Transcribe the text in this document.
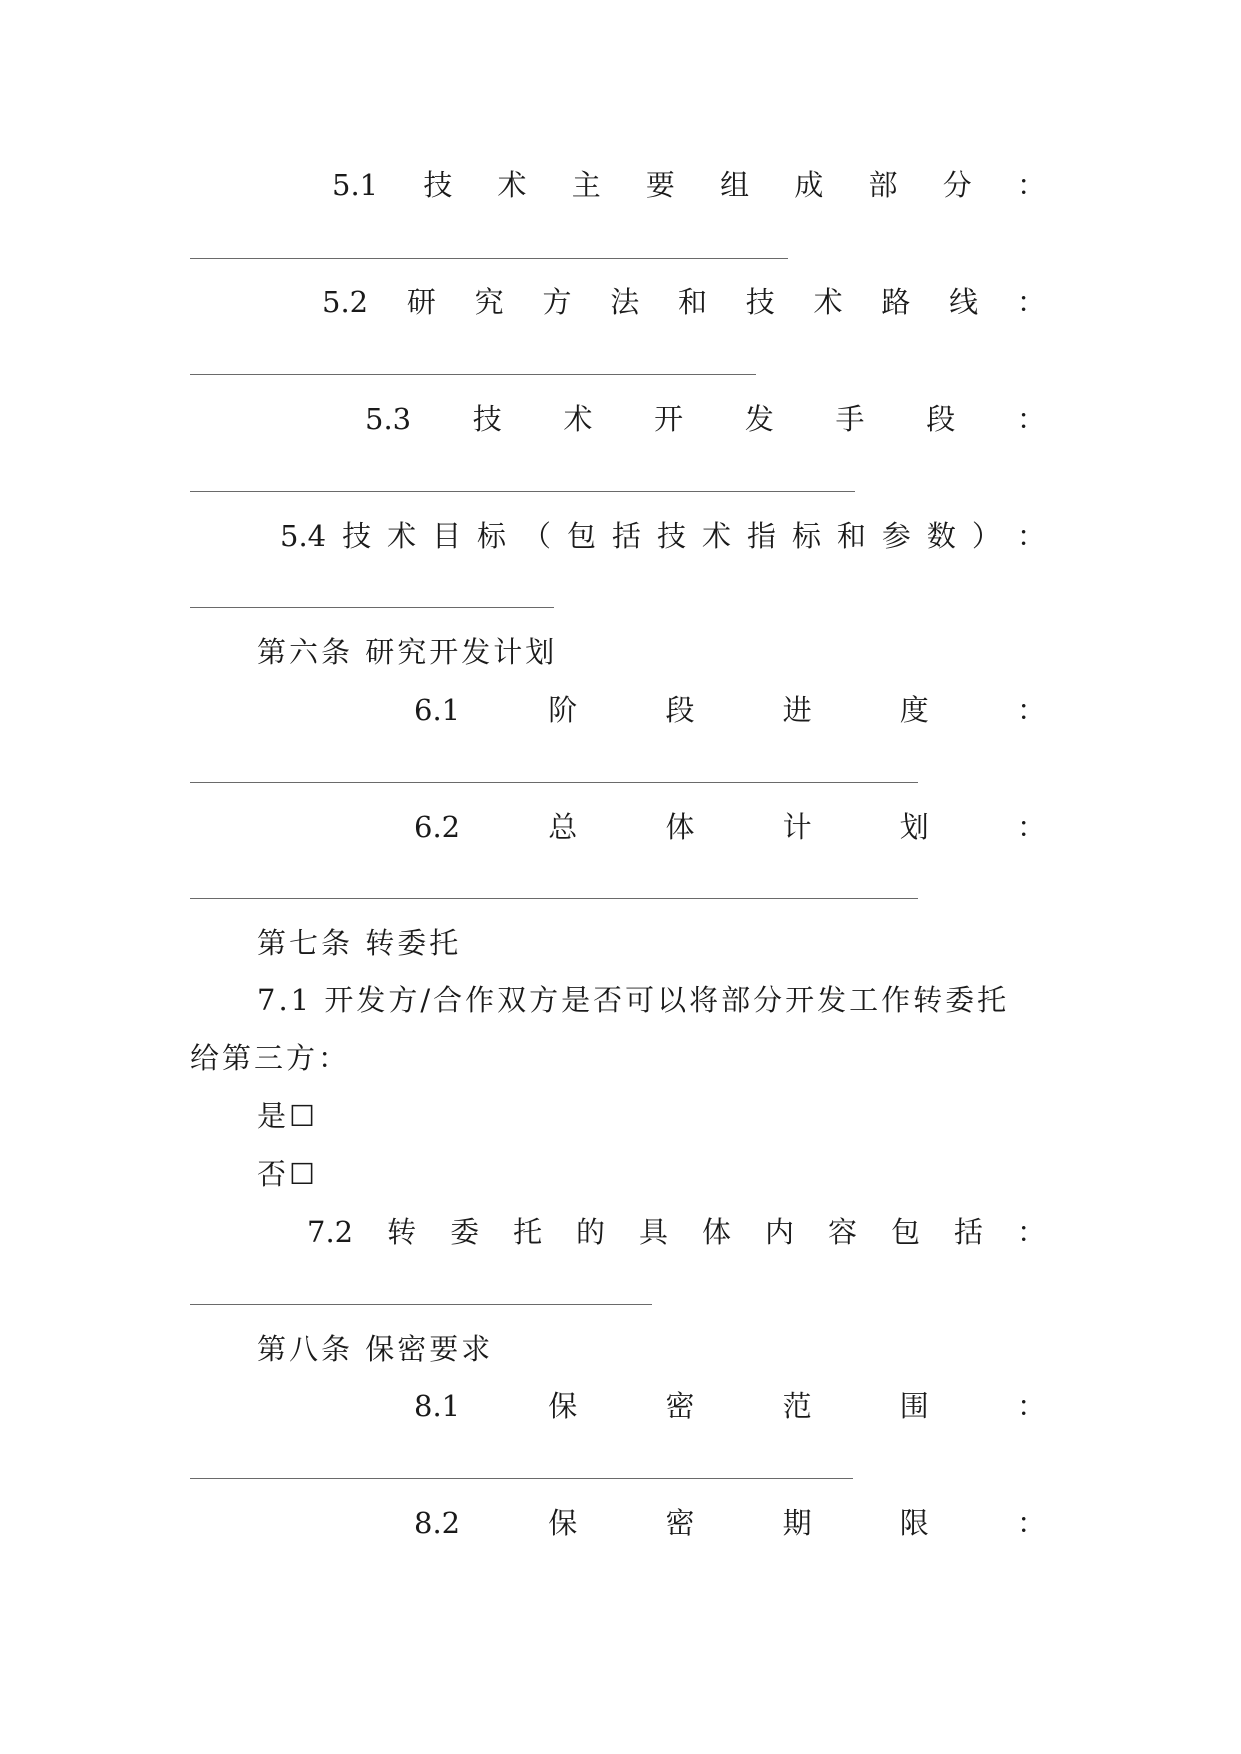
5.1 技 术 主 要 组 成 部 分 ：
5.2 研 究 方 法 和 技 术 路 线 ：
5.3 技 术 开 发 手 段 ：
5.4 技 术 目 标 （ 包 括 技 术 指 标 和 参 数 ） ：
第六条 研究开发计划
6.1	阶	段	进	度	：
6.2	总	体	计	划	：
第七条 转委托
7.1 开发方/合作双方是否可以将部分开发工作转委托
给第三方：
是☐
否☐
7.2 转 委 托 的 具 体 内 容 包 括 ：
第八条 保密要求
8.1	保	密	范	围	：
8.2	保	密	期	限	：
